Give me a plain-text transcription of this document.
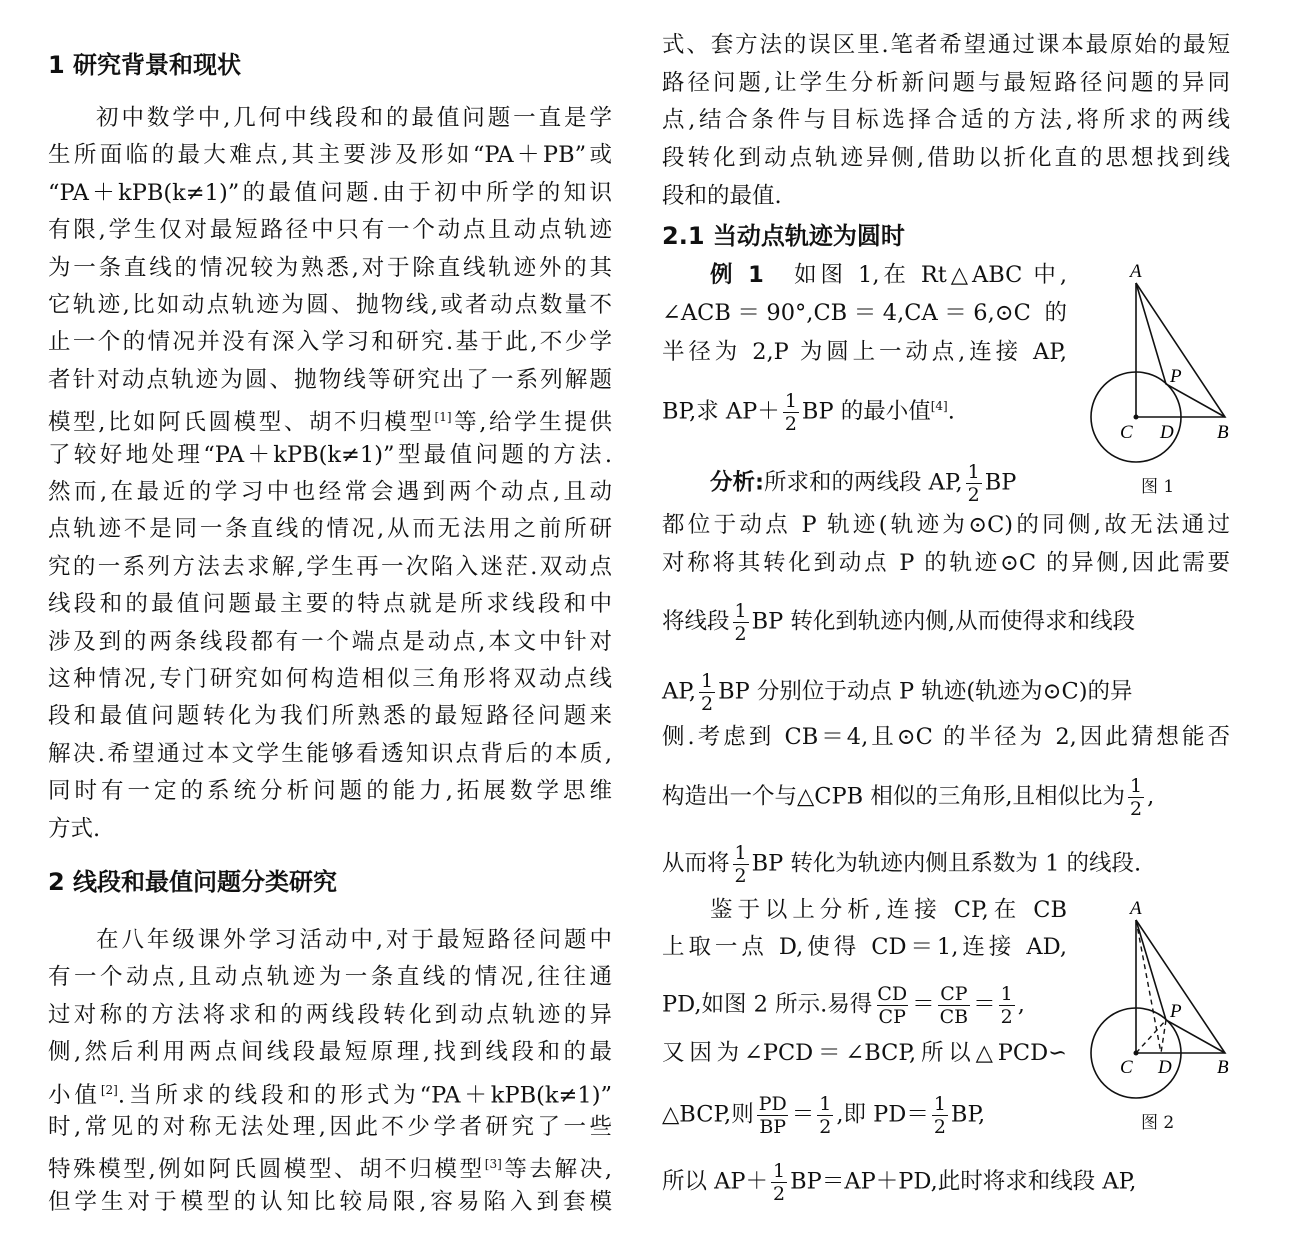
1 研究背景和现状
初中数学中,几何中线段和的最值问题一直是学
生所面临的最大难点,其主要涉及形如“PA＋PB”或
“PA＋kPB(k≠1)”的最值问题.由于初中所学的知识
有限,学生仅对最短路径中只有一个动点且动点轨迹
为一条直线的情况较为熟悉,对于除直线轨迹外的其
它轨迹,比如动点轨迹为圆、抛物线,或者动点数量不
止一个的情况并没有深入学习和研究.基于此,不少学
者针对动点轨迹为圆、抛物线等研究出了一系列解题
模型,比如阿氏圆模型、胡不归模型[1]等,给学生提供
了较好地处理“PA＋kPB(k≠1)”型最值问题的方法.
然而,在最近的学习中也经常会遇到两个动点,且动
点轨迹不是同一条直线的情况,从而无法用之前所研
究的一系列方法去求解,学生再一次陷入迷茫.双动点
线段和的最值问题最主要的特点就是所求线段和中
涉及到的两条线段都有一个端点是动点,本文中针对
这种情况,专门研究如何构造相似三角形将双动点线
段和最值问题转化为我们所熟悉的最短路径问题来
解决.希望通过本文学生能够看透知识点背后的本质,
同时有一定的系统分析问题的能力,拓展数学思维
方式.
2 线段和最值问题分类研究
在八年级课外学习活动中,对于最短路径问题中
有一个动点,且动点轨迹为一条直线的情况,往往通
过对称的方法将求和的两线段转化到动点轨迹的异
侧,然后利用两点间线段最短原理,找到线段和的最
小值[2].当所求的线段和的形式为“PA＋kPB(k≠1)”
时,常见的对称无法处理,因此不少学者研究了一些
特殊模型,例如阿氏圆模型、胡不归模型[3]等去解决,
但学生对于模型的认知比较局限,容易陷入到套模
式、套方法的误区里.笔者希望通过课本最原始的最短
路径问题,让学生分析新问题与最短路径问题的异同
点,结合条件与目标选择合适的方法,将所求的两线
段转化到动点轨迹异侧,借助以折化直的思想找到线
段和的最值.
2.1 当动点轨迹为圆时
例 1　如图 1,在 Rt△ABC 中,
∠ACB＝90°,CB＝4,CA＝6,⊙C 的
半径为 2,P 为圆上一动点,连接 AP,
BP,求 $AP+ \frac{1}{2}$ BP 的最小值[4].
分析:所求和的两线段 AP, $\frac{1}{2}$ BP
都位于动点 P 轨迹(轨迹为⊙C)的同侧,故无法通过
对称将其转化到动点 P 的轨迹⊙C 的异侧,因此需要
将线段 $\frac{1}{2}$ BP 转化到轨迹内侧,从而使得求和线段
AP, $\frac{1}{2}$ BP 分别位于动点 P 轨迹(轨迹为⊙C)的异
侧.考虑到 CB＝4,且⊙C 的半径为 2,因此猜想能否
构造出一个与△CPB 相似的三角形,且相似比为 $\frac{1}{2}$ ,
从而将 $\frac{1}{2}$ BP 转化为轨迹内侧且系数为 1 的线段.
鉴于以上分析,连接 CP,在 CB
上取一点 D,使得 CD＝1,连接 AD,
PD,如图 2 所示.易得 $\frac{CD}{CP} = \frac{CP}{CB} = \frac{1}{2}$ ,
又因为∠PCD＝∠BCP,所以△PCD∽
△BCP,则 $\frac{PD}{BP} = \frac{1}{2}$ ,即 $PD= \frac{1}{2}$ BP,
所以 $AP+ \frac{1}{2} BP=AP+PD$,此时将求和线段 AP,
A
P
C D B
图 1
A
P
C D B
图 2
